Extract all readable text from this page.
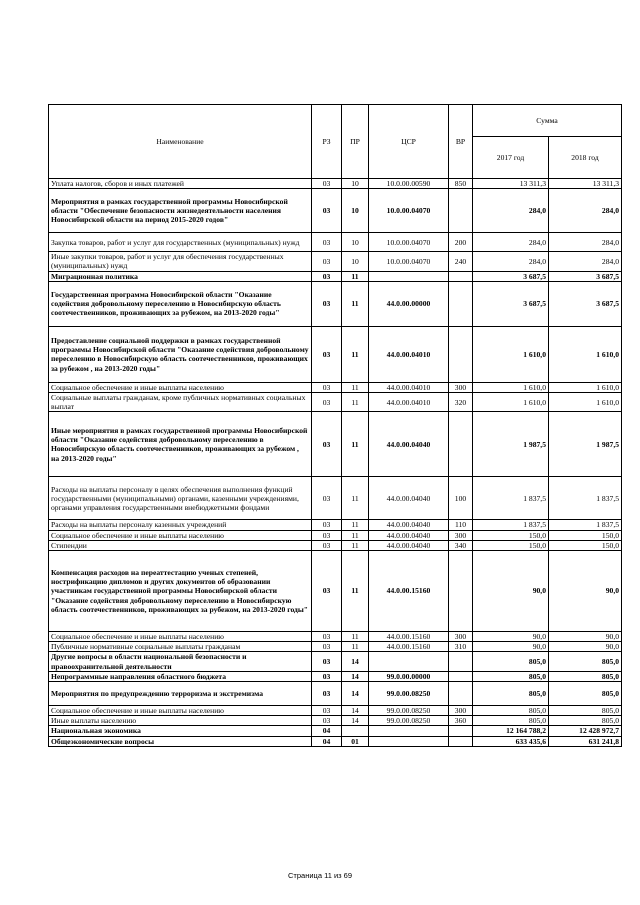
Наименование	РЗ	ПР	ЦСР	ВР	Сумма	
					2017 год	2018 год
Уплата налогов, сборов и иных платежей	03	10	10.0.00.00590	850	13 311,3	13 311,3
Мероприятия в рамках государственной программы Новосибирской области "Обеспечение безопасности жизнедеятельности населения Новосибирской области на период 2015-2020 годов"	03	10	10.0.00.04070		284,0	284,0
Закупка товаров, работ и услуг для государственных (муниципальных) нужд	03	10	10.0.00.04070	200	284,0	284,0
Иные закупки товаров, работ и услуг для обеспечения государственных (муниципальных) нужд	03	10	10.0.00.04070	240	284,0	284,0
Миграционная политика	03	11			3 687,5	3 687,5
Государственная программа Новосибирской области "Оказание содействия добровольному переселению в Новосибирскую область соотечественников, проживающих за рубежом, на 2013-2020 годы"	03	11	44.0.00.00000		3 687,5	3 687,5
Предоставление социальной поддержки в рамках государственной программы Новосибирской области "Оказание содействия добровольному переселению в Новосибирскую область соотечественников, проживающих за рубежом , на 2013-2020 годы"	03	11	44.0.00.04010		1 610,0	1 610,0
Социальное обеспечение и иные выплаты населению	03	11	44.0.00.04010	300	1 610,0	1 610,0
Социальные выплаты гражданам, кроме публичных нормативных социальных выплат	03	11	44.0.00.04010	320	1 610,0	1 610,0
Иные мероприятия в рамках государственной программы Новосибирской области "Оказание содействия добровольному переселению в Новосибирскую область соотечественников, проживающих за рубежом , на 2013-2020 годы"	03	11	44.0.00.04040		1 987,5	1 987,5
Расходы на выплаты персоналу в целях обеспечения выполнения функций государственными (муниципальными) органами, казенными учреждениями, органами управления государственными внебюджетными фондами	03	11	44.0.00.04040	100	1 837,5	1 837,5
Расходы на выплаты персоналу казенных учреждений	03	11	44.0.00.04040	110	1 837,5	1 837,5
Социальное обеспечение и иные выплаты населению	03	11	44.0.00.04040	300	150,0	150,0
Стипендии	03	11	44.0.00.04040	340	150,0	150,0
Компенсация расходов на переаттестацию ученых степеней, нострификацию дипломов и других документов об образовании участникам государственной программы Новосибирской области "Оказание содействия добровольному переселению в Новосибирскую область соотечественников, проживающих за рубежом, на 2013-2020 годы"	03	11	44.0.00.15160		90,0	90,0
Социальное обеспечение и иные выплаты населению	03	11	44.0.00.15160	300	90,0	90,0
Публичные нормативные социальные выплаты гражданам	03	11	44.0.00.15160	310	90,0	90,0
Другие вопросы в области национальной безопасности и правоохранительной деятельности	03	14			805,0	805,0
Непрограммные направления областного бюджета	03	14	99.0.00.00000		805,0	805,0
Мероприятия по предупреждению терроризма и экстремизма	03	14	99.0.00.08250		805,0	805,0
Социальное обеспечение и иные выплаты населению	03	14	99.0.00.08250	300	805,0	805,0
Иные выплаты населению	03	14	99.0.00.08250	360	805,0	805,0
Национальная экономика	04				12 164 788,2	12 428 972,7
Общеэкономические вопросы	04	01			633 435,6	631 241,8
Страница 11 из 69
